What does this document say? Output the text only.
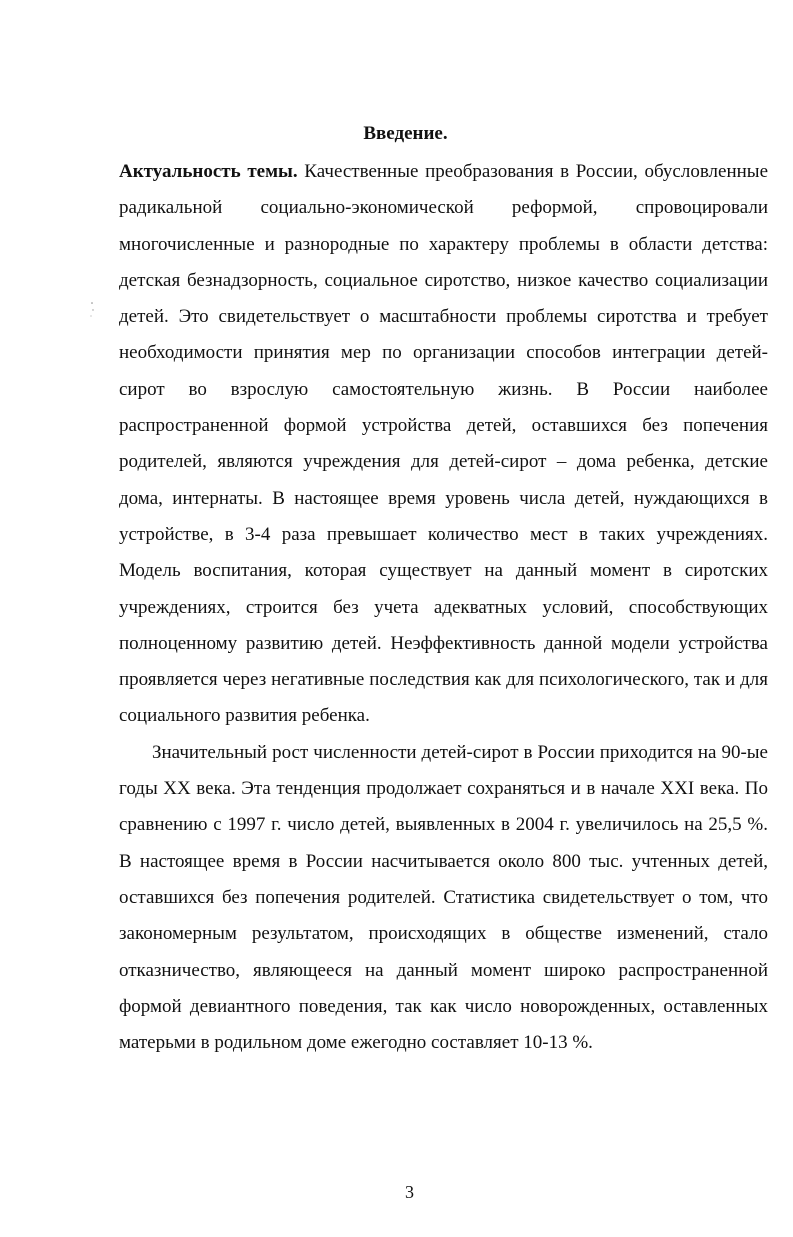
Введение.

Актуальность темы. Качественные преобразования в России, обусловленные радикальной социально-экономической реформой, спровоцировали многочисленные и разнородные по характеру проблемы в области детства: детская безнадзорность, социальное сиротство, низкое качество социализации детей. Это свидетельствует о масштабности проблемы сиротства и требует необходимости принятия мер по организации способов интеграции детей-сирот во взрослую самостоятельную жизнь. В России наиболее распространенной формой устройства детей, оставшихся без попечения родителей, являются учреждения для детей-сирот – дома ребенка, детские дома, интернаты. В настоящее время уровень числа детей, нуждающихся в устройстве, в 3-4 раза превышает количество мест в таких учреждениях. Модель воспитания, которая существует на данный момент в сиротских учреждениях, строится без учета адекватных условий, способствующих полноценному развитию детей. Неэффективность данной модели устройства проявляется через негативные последствия как для психологического, так и для социального развития ребенка.

Значительный рост численности детей-сирот в России приходится на 90-ые годы XX века. Эта тенденция продолжает сохраняться и в начале XXI века. По сравнению с 1997 г. число детей, выявленных в 2004 г. увеличилось на 25,5 %. В настоящее время в России насчитывается около 800 тыс. учтенных детей, оставшихся без попечения родителей. Статистика свидетельствует о том, что закономерным результатом, происходящих в обществе изменений, стало отказничество, являющееся на данный момент широко распространенной формой девиантного поведения, так как число новорожденных, оставленных матерьми в родильном доме ежегодно составляет 10-13 %.

3
